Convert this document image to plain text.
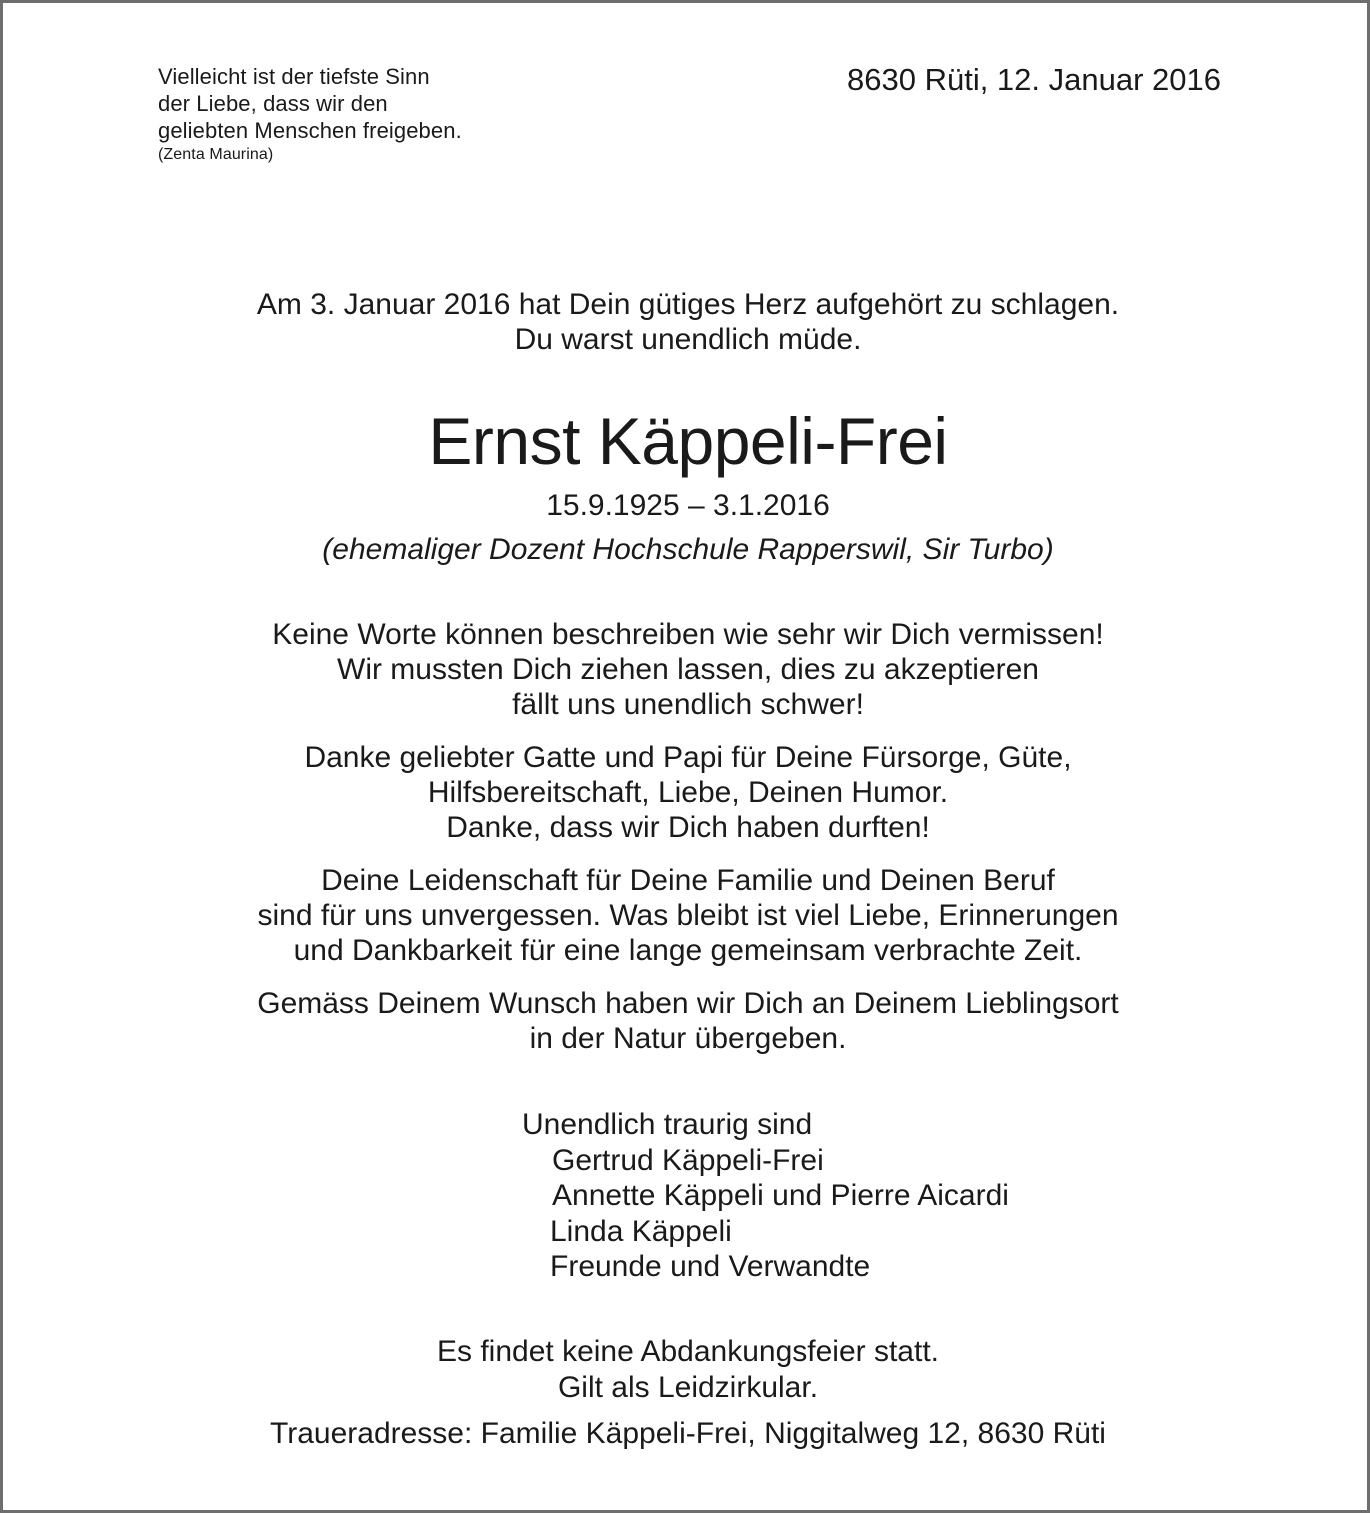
Vielleicht ist der tiefste Sinn
der Liebe, dass wir den
geliebten Menschen freigeben.
(Zenta Maurina)
8630 Rüti, 12. Januar 2016
Am 3. Januar 2016 hat Dein gütiges Herz aufgehört zu schlagen.
Du warst unendlich müde.
Ernst Käppeli-Frei
15.9.1925 – 3.1.2016
(ehemaliger Dozent Hochschule Rapperswil, Sir Turbo)
Keine Worte können beschreiben wie sehr wir Dich vermissen!
Wir mussten Dich ziehen lassen, dies zu akzeptieren
fällt uns unendlich schwer!
Danke geliebter Gatte und Papi für Deine Fürsorge, Güte,
Hilfsbereitschaft, Liebe, Deinen Humor.
Danke, dass wir Dich haben durften!
Deine Leidenschaft für Deine Familie und Deinen Beruf
sind für uns unvergessen. Was bleibt ist viel Liebe, Erinnerungen
und Dankbarkeit für eine lange gemeinsam verbrachte Zeit.
Gemäss Deinem Wunsch haben wir Dich an Deinem Lieblingsort
in der Natur übergeben.
Unendlich traurig sind
Gertrud Käppeli-Frei
Annette Käppeli und Pierre Aicardi
Linda Käppeli
Freunde und Verwandte
Es findet keine Abdankungsfeier statt.
Gilt als Leidzirkular.
Traueradresse: Familie Käppeli-Frei, Niggitalweg 12, 8630 Rüti
